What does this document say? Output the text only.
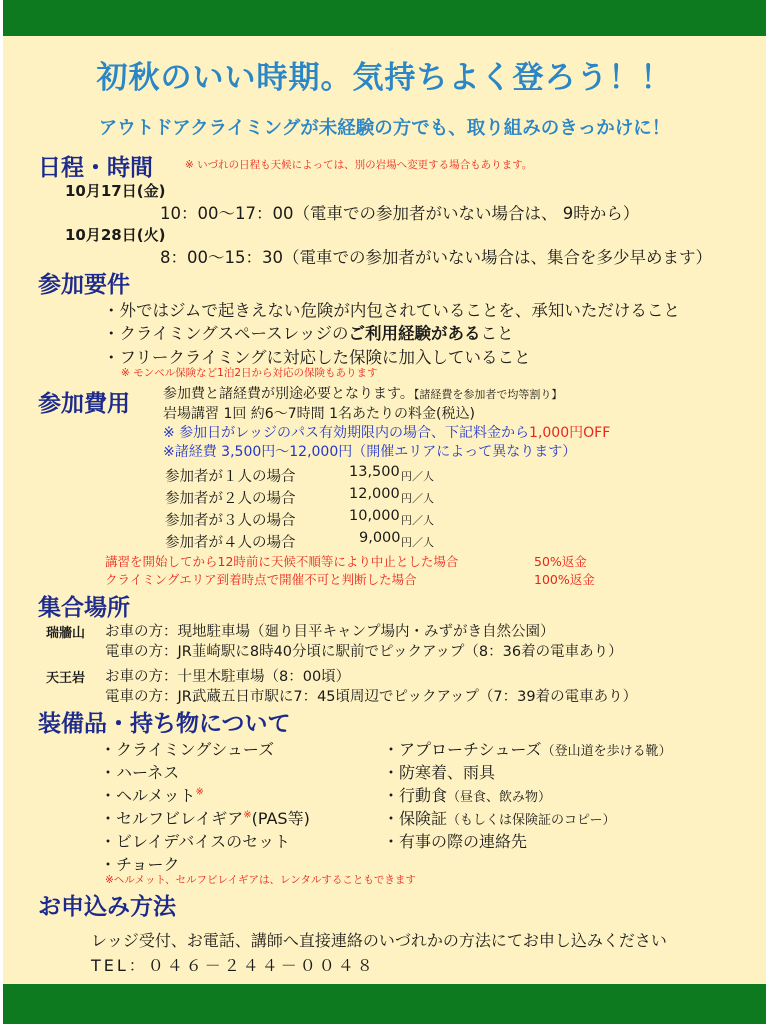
初秋のいい時期。気持ちよく登ろう！！
アウトドアクライミングが未経験の方でも、取り組みのきっかけに！
日程・時間	※ いづれの日程も天候によっては、別の岩場へ変更する場合もあります。
10月17日(金)
10：00～17：00（電車での参加者がいない場合は、 9時から）
10月28日(火)
8：00～15：30（電車での参加者がいない場合は、集合を多少早めます）
参加要件
・外ではジムで起きえない危険が内包されていることを、承知いただけること
・クライミングスペースレッジのご利用経験があること
・フリークライミングに対応した保険に加入していること
※ モンベル保険など1泊2日から対応の保険もあります
参加費用 参加費と諸経費が別途必要となります。【諸経費を参加者で均等割り】
岩場講習 1回 約6～7時間 1名あたりの料金(税込)
※ 参加日がレッジのパス有効期限内の場合、下記料金から1,000円OFF
※諸経費 3,500円～12,000円（開催エリアによって異なります）
参加者が１人の場合	13,500 円／人
参加者が２人の場合	12,000 円／人
参加者が３人の場合	10,000 円／人
参加者が４人の場合	9,000 円／人
講習を開始してから12時前に天候不順等により中止とした場合	50%返金
クライミングエリア到着時点で開催不可と判断した場合	100%返金
集合場所
瑞牆山 お車の方：現地駐車場（廻り目平キャンプ場内・みずがき自然公園）
電車の方：JR韮崎駅に8時40分頃に駅前でピックアップ（8：36着の電車あり）
天王岩 お車の方：十里木駐車場（8：00頃）
電車の方：JR武蔵五日市駅に7：45頃周辺でピックアップ（7：39着の電車あり）
装備品・持ち物について
・クライミングシューズ
・ハーネス
・ヘルメット※
・セルフビレイギア※(PAS等)
・ビレイデバイスのセット
・チョーク
・アプローチシューズ（登山道を歩ける靴）
・防寒着、雨具
・行動食（昼食、飲み物）
・保険証（もしくは保険証のコピー）
・有事の際の連絡先
※ヘルメット、セルフビレイギアは、レンタルすることもできます
お申込み方法
レッジ受付、お電話、講師へ直接連絡のいづれかの方法にてお申し込みください
TEL：０４６－２４４－００４８
